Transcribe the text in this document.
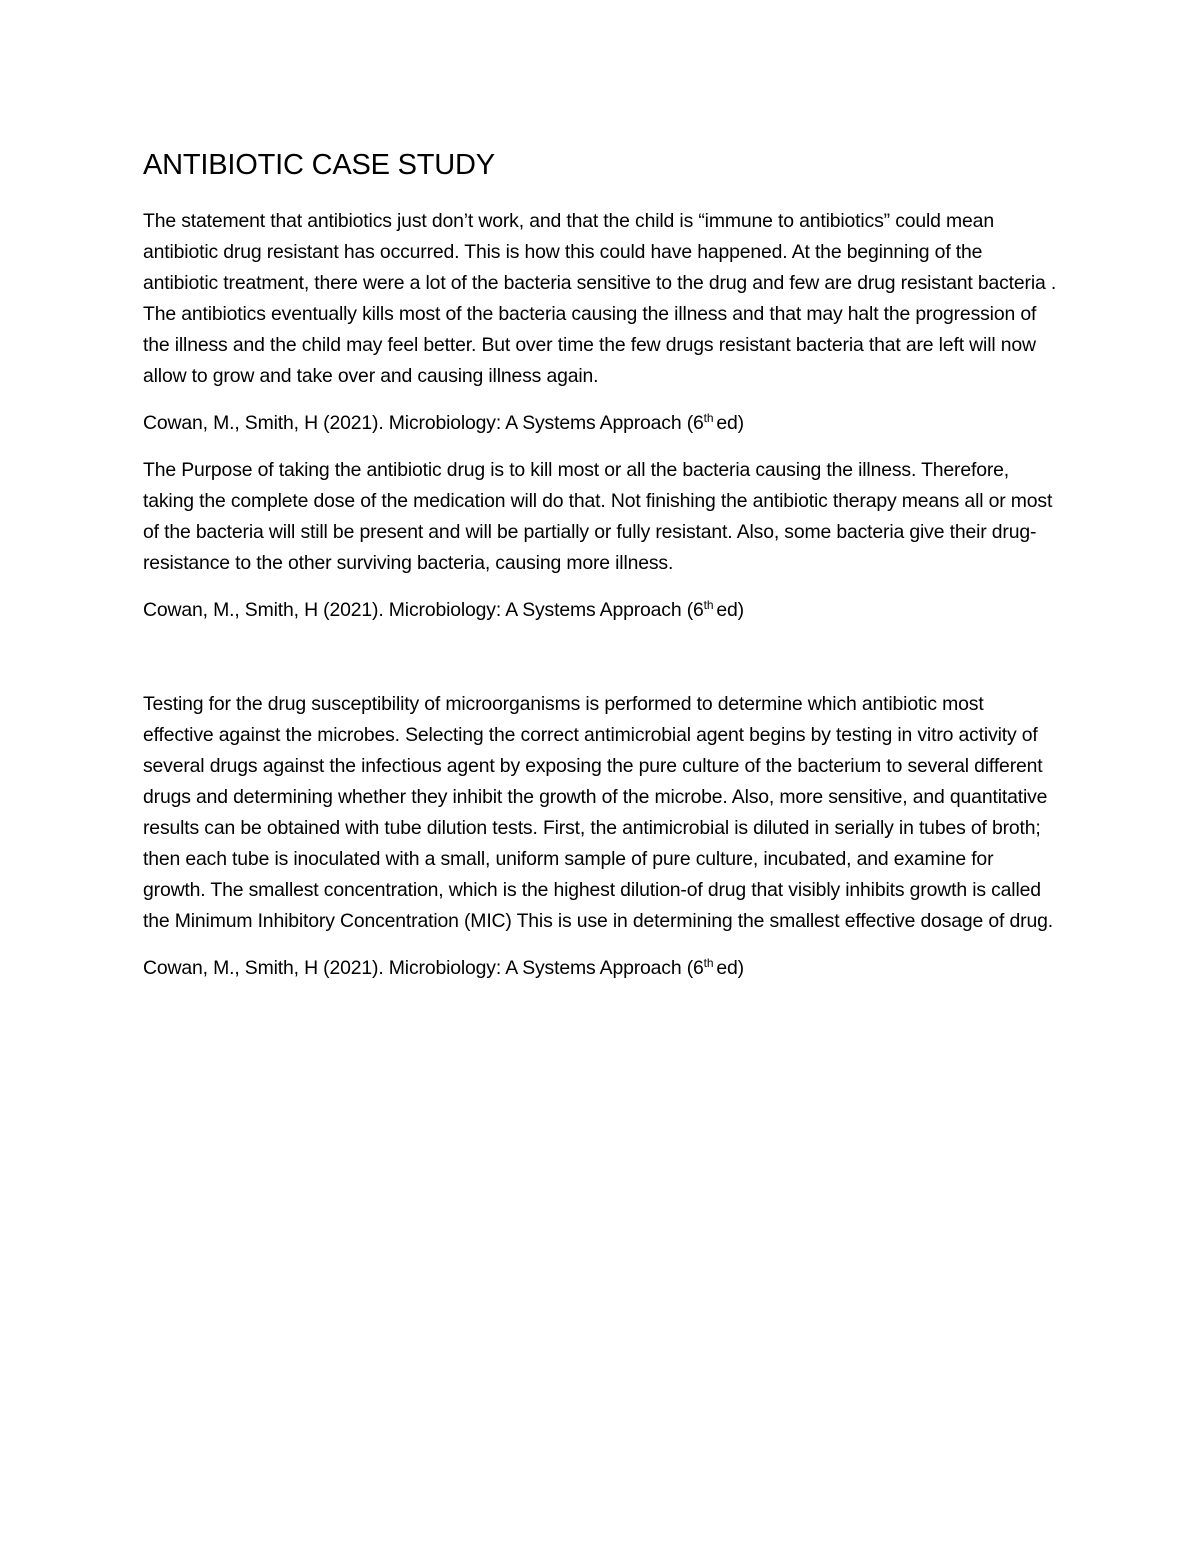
ANTIBIOTIC CASE STUDY

The statement that antibiotics just don’t work, and that the child is “immune to antibiotics” could mean antibiotic drug resistant has occurred. This is how this could have happened. At the beginning of the antibiotic treatment, there were a lot of the bacteria sensitive to the drug and few are drug resistant bacteria . The antibiotics eventually kills most of the bacteria causing the illness and that may halt the progression of the illness and the child may feel better. But over time the few drugs resistant bacteria that are left will now allow to grow and take over and causing illness again.

Cowan, M., Smith, H (2021). Microbiology: A Systems Approach (6th ed)

The Purpose of taking the antibiotic drug is to kill most or all the bacteria causing the illness. Therefore, taking the complete dose of the medication will do that. Not finishing the antibiotic therapy means all or most of the bacteria will still be present and will be partially or fully resistant. Also, some bacteria give their drug-resistance to the other surviving bacteria, causing more illness.

Cowan, M., Smith, H (2021). Microbiology: A Systems Approach (6th ed)

Testing for the drug susceptibility of microorganisms is performed to determine which antibiotic most effective against the microbes. Selecting the correct antimicrobial agent begins by testing in vitro activity of several drugs against the infectious agent by exposing the pure culture of the bacterium to several different drugs and determining whether they inhibit the growth of the microbe. Also, more sensitive, and quantitative results can be obtained with tube dilution tests. First, the antimicrobial is diluted in serially in tubes of broth; then each tube is inoculated with a small, uniform sample of pure culture, incubated, and examine for growth. The smallest concentration, which is the highest dilution-of drug that visibly inhibits growth is called the Minimum Inhibitory Concentration (MIC) This is use in determining the smallest effective dosage of drug.

Cowan, M., Smith, H (2021). Microbiology: A Systems Approach (6th ed)
